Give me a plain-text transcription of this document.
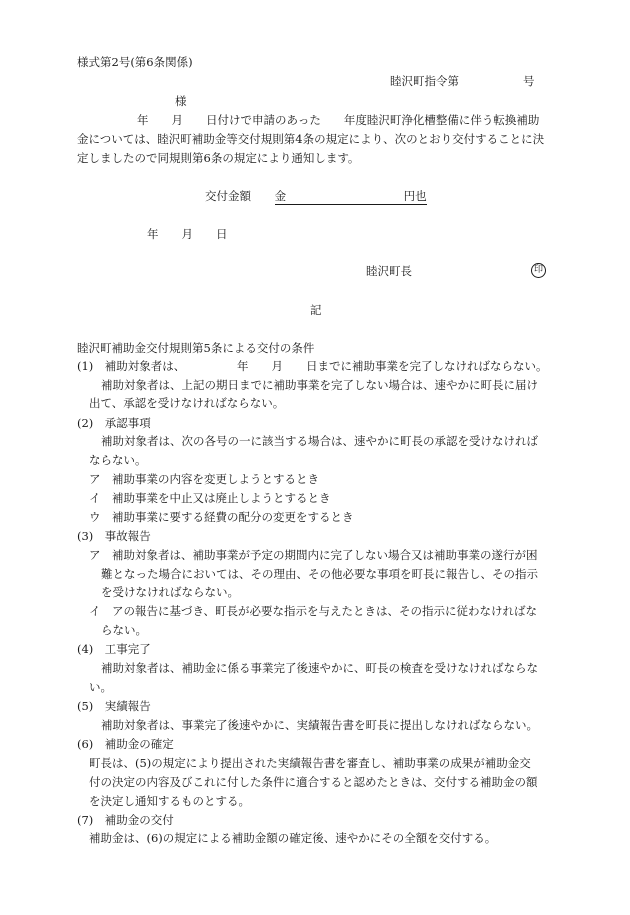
様式第2号(第6条関係)
睦沢町指令第	号
様
年　　月　　日付けで申請のあった　　年度睦沢町浄化槽整備に伴う転換補助
金については、睦沢町補助金等交付規則第4条の規定により、次のとおり交付することに決
定しましたので同規則第6条の規定により通知します。
交付金額 金	円也
年　　月　　日
睦沢町長	印
記
睦沢町補助金交付規則第5条による交付の条件
(1)　補助対象者は、　　　　　年　　月　　日までに補助事業を完了しなければならない。
補助対象者は、上記の期日までに補助事業を完了しない場合は、速やかに町長に届け
出て、承認を受けなければならない。
(2)　承認事項
補助対象者は、次の各号の一に該当する場合は、速やかに町長の承認を受けなければ
ならない。
ア　補助事業の内容を変更しようとするとき
イ　補助事業を中止又は廃止しようとするとき
ウ　補助事業に要する経費の配分の変更をするとき
(3)　事故報告
ア　補助対象者は、補助事業が予定の期間内に完了しない場合又は補助事業の遂行が困
難となった場合においては、その理由、その他必要な事項を町長に報告し、その指示
を受けなければならない。
イ　アの報告に基づき、町長が必要な指示を与えたときは、その指示に従わなければな
らない。
(4)　工事完了
補助対象者は、補助金に係る事業完了後速やかに、町長の検査を受けなければならな
い。
(5)　実績報告
補助対象者は、事業完了後速やかに、実績報告書を町長に提出しなければならない。
(6)　補助金の確定
町長は、(5)の規定により提出された実績報告書を審査し、補助事業の成果が補助金交
付の決定の内容及びこれに付した条件に適合すると認めたときは、交付する補助金の額
を決定し通知するものとする。
(7)　補助金の交付
補助金は、(6)の規定による補助金額の確定後、速やかにその全額を交付する。
